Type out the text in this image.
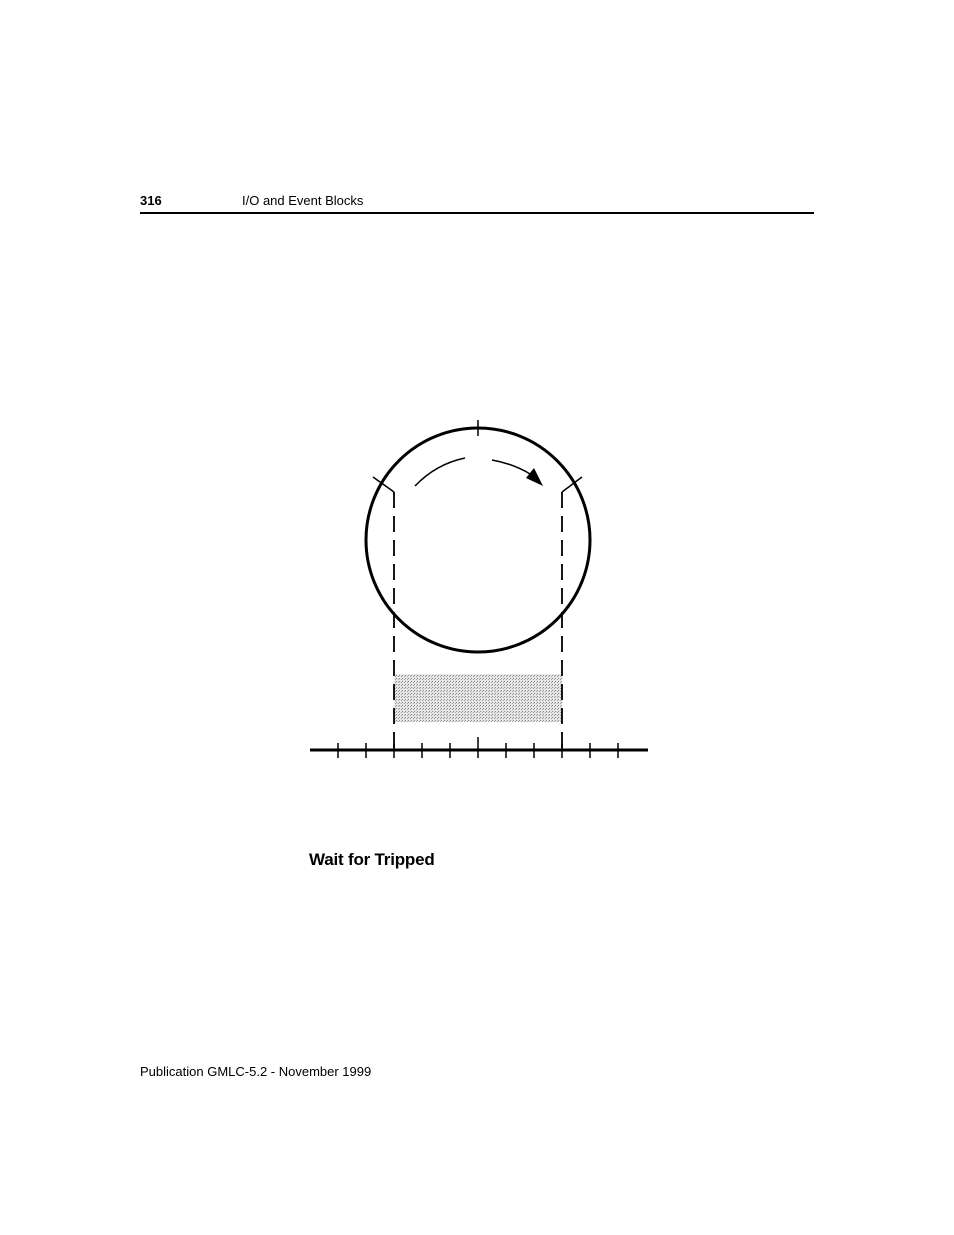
316	I/O and Event Blocks
Wait for Tripped
Publication GMLC-5.2 - November 1999
